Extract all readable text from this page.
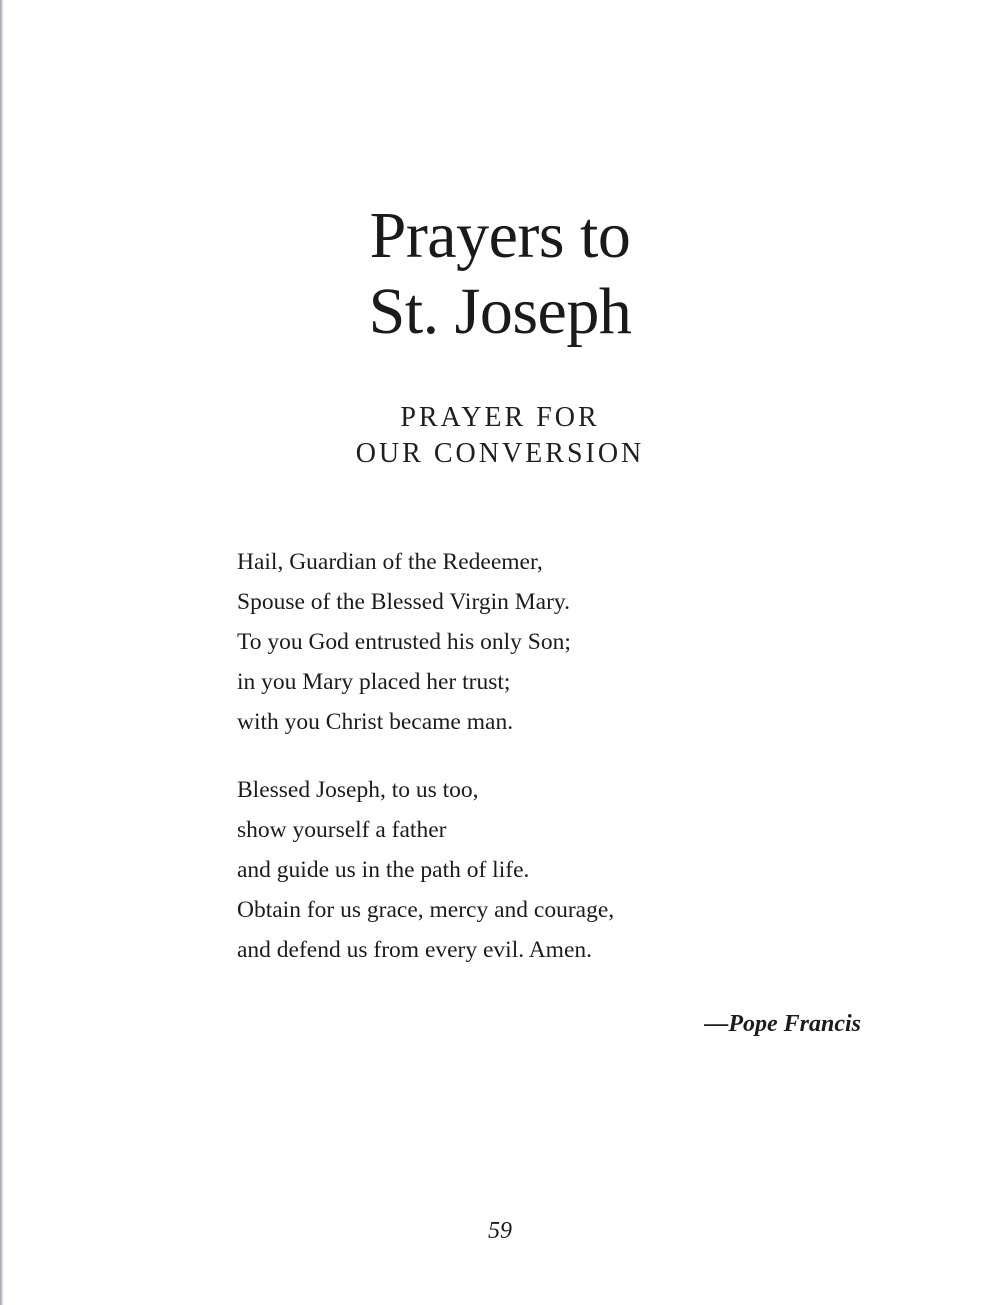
Prayers to
St. Joseph
PRAYER FOR
OUR CONVERSION

Hail, Guardian of the Redeemer,
Spouse of the Blessed Virgin Mary.
To you God entrusted his only Son;
in you Mary placed her trust;
with you Christ became man.

Blessed Joseph, to us too,
show yourself a father
and guide us in the path of life.
Obtain for us grace, mercy and courage,
and defend us from every evil. Amen.

—Pope Francis
59
